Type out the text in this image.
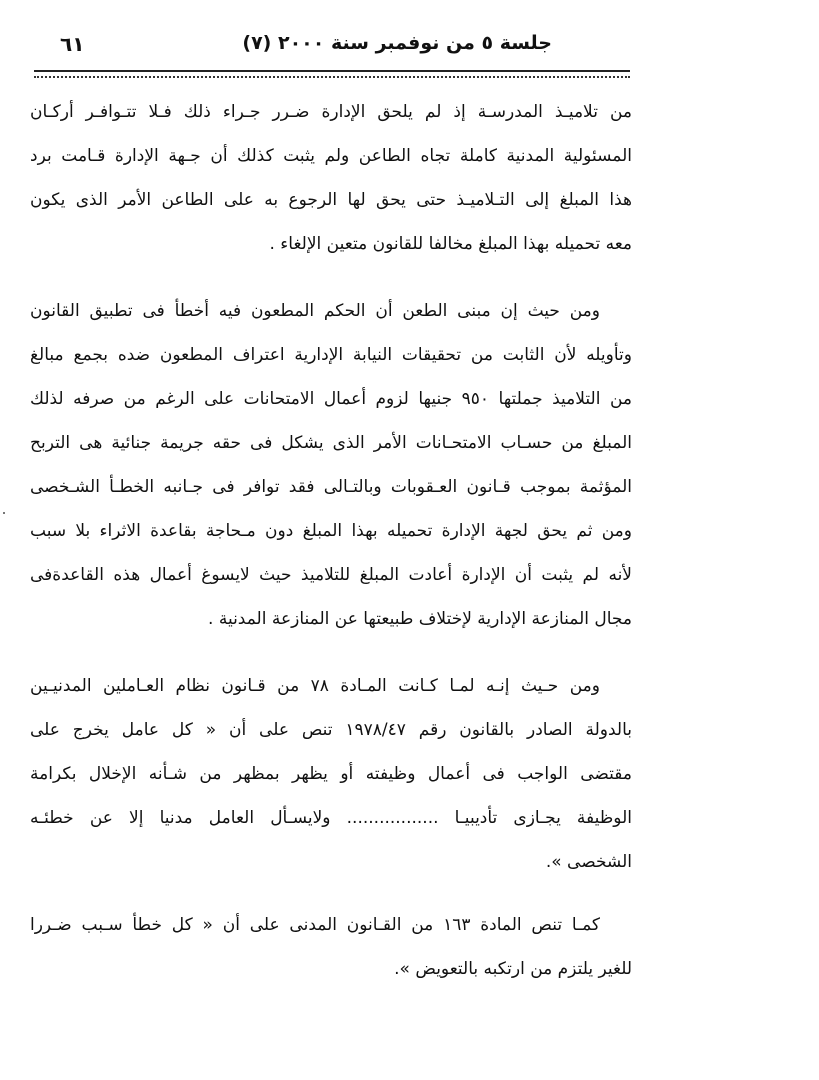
٦١	جلسة ٥ من نوفمبر سنة ٢٠٠٠ (٧)
من تلاميـذ المدرسـة إذ لم يلحق الإدارة ضـرر جـراء ذلك فـلا تتـوافـر أركـان
المسئولية المدنية كاملة تجاه الطاعن ولم يثبت كذلك أن جـهة الإدارة قـامت برد
هذا المبلغ إلى التـلاميـذ حتى يحق لها الرجوع به على الطاعن الأمر الذى يكون
معه تحميله بهذا المبلغ مخالفا للقانون متعين الإلغاء .
ومن حيث إن مبنى الطعن أن الحكم المطعون فيه أخطأ فى تطبيق القانون
وتأويله لأن الثابت من تحقيقات النيابة الإدارية اعتراف المطعون ضده بجمع مبالغ
من التلاميذ جملتها ٩٥٠ جنيها لزوم أعمال الامتحانات على الرغم من صرفه لذلك
المبلغ من حسـاب الامتحـانات الأمر الذى يشكل فى حقه جريمة جنائية هى التربح
المؤثمة بموجب قـانون العـقوبات وبالتـالى فقد توافر فى جـانبه الخطـأ الشـخصى
ومن ثم يحق لجهة الإدارة تحميله بهذا المبلغ دون مـحاجة بقاعدة الاثراء بلا سبب
لأنه لم يثبت أن الإدارة أعادت المبلغ للتلاميذ حيث لايسوغ أعمال هذه القاعدةفى
مجال المنازعة الإدارية لإختلاف طبيعتها عن المنازعة المدنية .
ومن حـيث إنـه لمـا كـانت المـادة ٧٨ من قـانون نظام العـاملين المدنيـين
بالدولة الصادر بالقانون رقم ١٩٧٨/٤٧ تنص على أن « كل عامل يخرج على
مقتضى الواجب فى أعمال وظيفته أو يظهر بمظهر من شـأنه الإخلال بكرامة
الوظيفة يجـازى تأديبيـا ................. ولايسـأل العامل مدنيا إلا عن خطئـه
الشخصى ».
كمـا تنص المادة ١٦٣ من القـانون المدنى على أن « كل خطأ سـبب ضـررا
للغير يلتزم من ارتكبه بالتعويض ».
